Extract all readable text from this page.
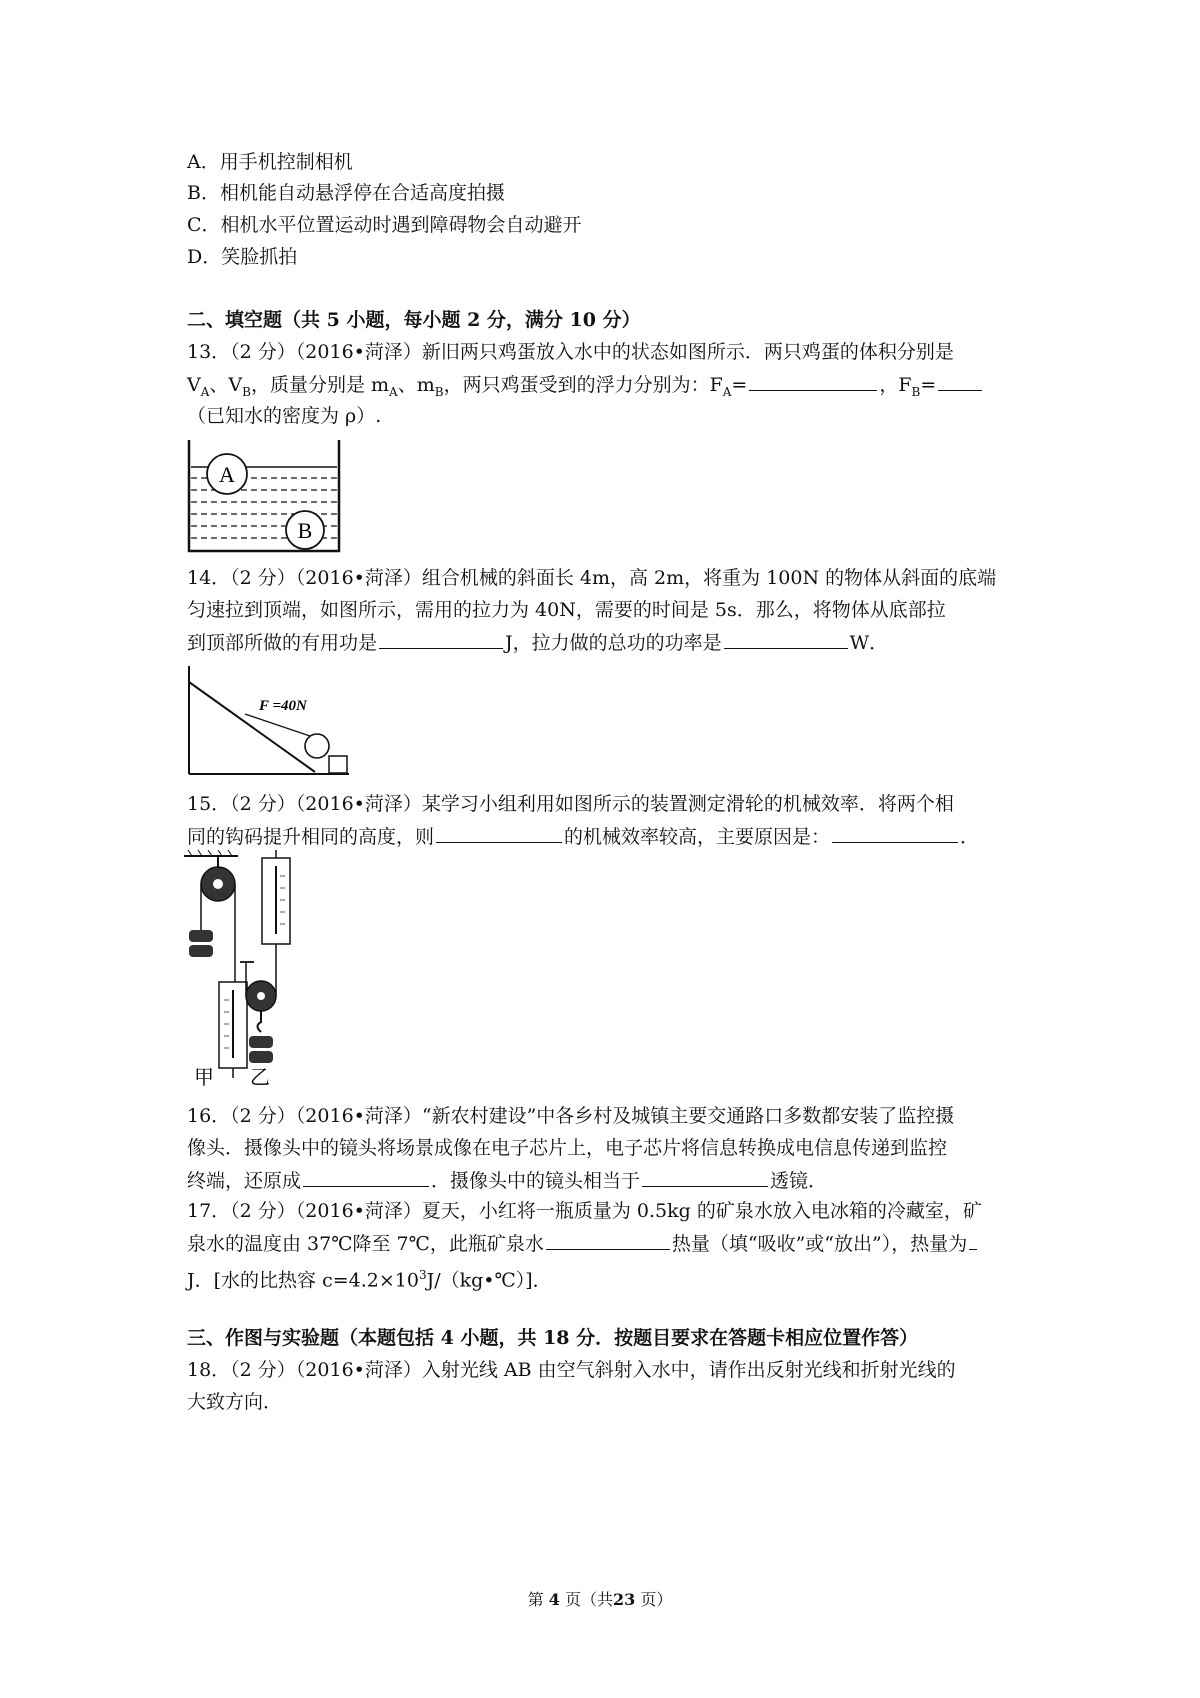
A．用手机控制相机
B．相机能自动悬浮停在合适高度拍摄
C．相机水平位置运动时遇到障碍物会自动避开
D．笑脸抓拍
二、填空题（共 5 小题，每小题 2 分，满分 10 分）
13．（2 分）（2016•菏泽）新旧两只鸡蛋放入水中的状态如图所示．两只鸡蛋的体积分别是
$V_A$、$V_B$，质量分别是 $m_A$、$m_B$，两只鸡蛋受到的浮力分别为：$F_A=$	，$F_B=$
（已知水的密度为 ρ）.
A
B
14．（2 分）（2016•菏泽）组合机械的斜面长 4m，高 2m，将重为 100N 的物体从斜面的底端
匀速拉到顶端，如图所示，需用的拉力为 40N，需要的时间是 5s．那么，将物体从底部拉
到顶部所做的有用功是	J，拉力做的总功的功率是	W．
F =40N
15．（2 分）（2016•菏泽）某学习小组利用如图所示的装置测定滑轮的机械效率．将两个相
同的钩码提升相同的高度，则	的机械效率较高，主要原因是：	．
甲 乙
16．（2 分）（2016•菏泽）“新农村建设”中各乡村及城镇主要交通路口多数都安装了监控摄
像头．摄像头中的镜头将场景成像在电子芯片上，电子芯片将信息转换成电信息传递到监控
终端，还原成	．摄像头中的镜头相当于	透镜．
17．（2 分）（2016•菏泽）夏天，小红将一瓶质量为 0.5kg 的矿泉水放入电冰箱的冷藏室，矿
泉水的温度由 37℃降至 7℃，此瓶矿泉水	热量（填“吸收”或“放出”），热量为
J．[水的比热容 $c=4.2\times 10^3J/(kg•℃)$]．
三、作图与实验题（本题包括 4 小题，共 18 分．按题目要求在答题卡相应位置作答）
18．（2 分）（2016•菏泽）入射光线 AB 由空气斜射入水中，请作出反射光线和折射光线的
大致方向．
第 4 页（共23 页）
